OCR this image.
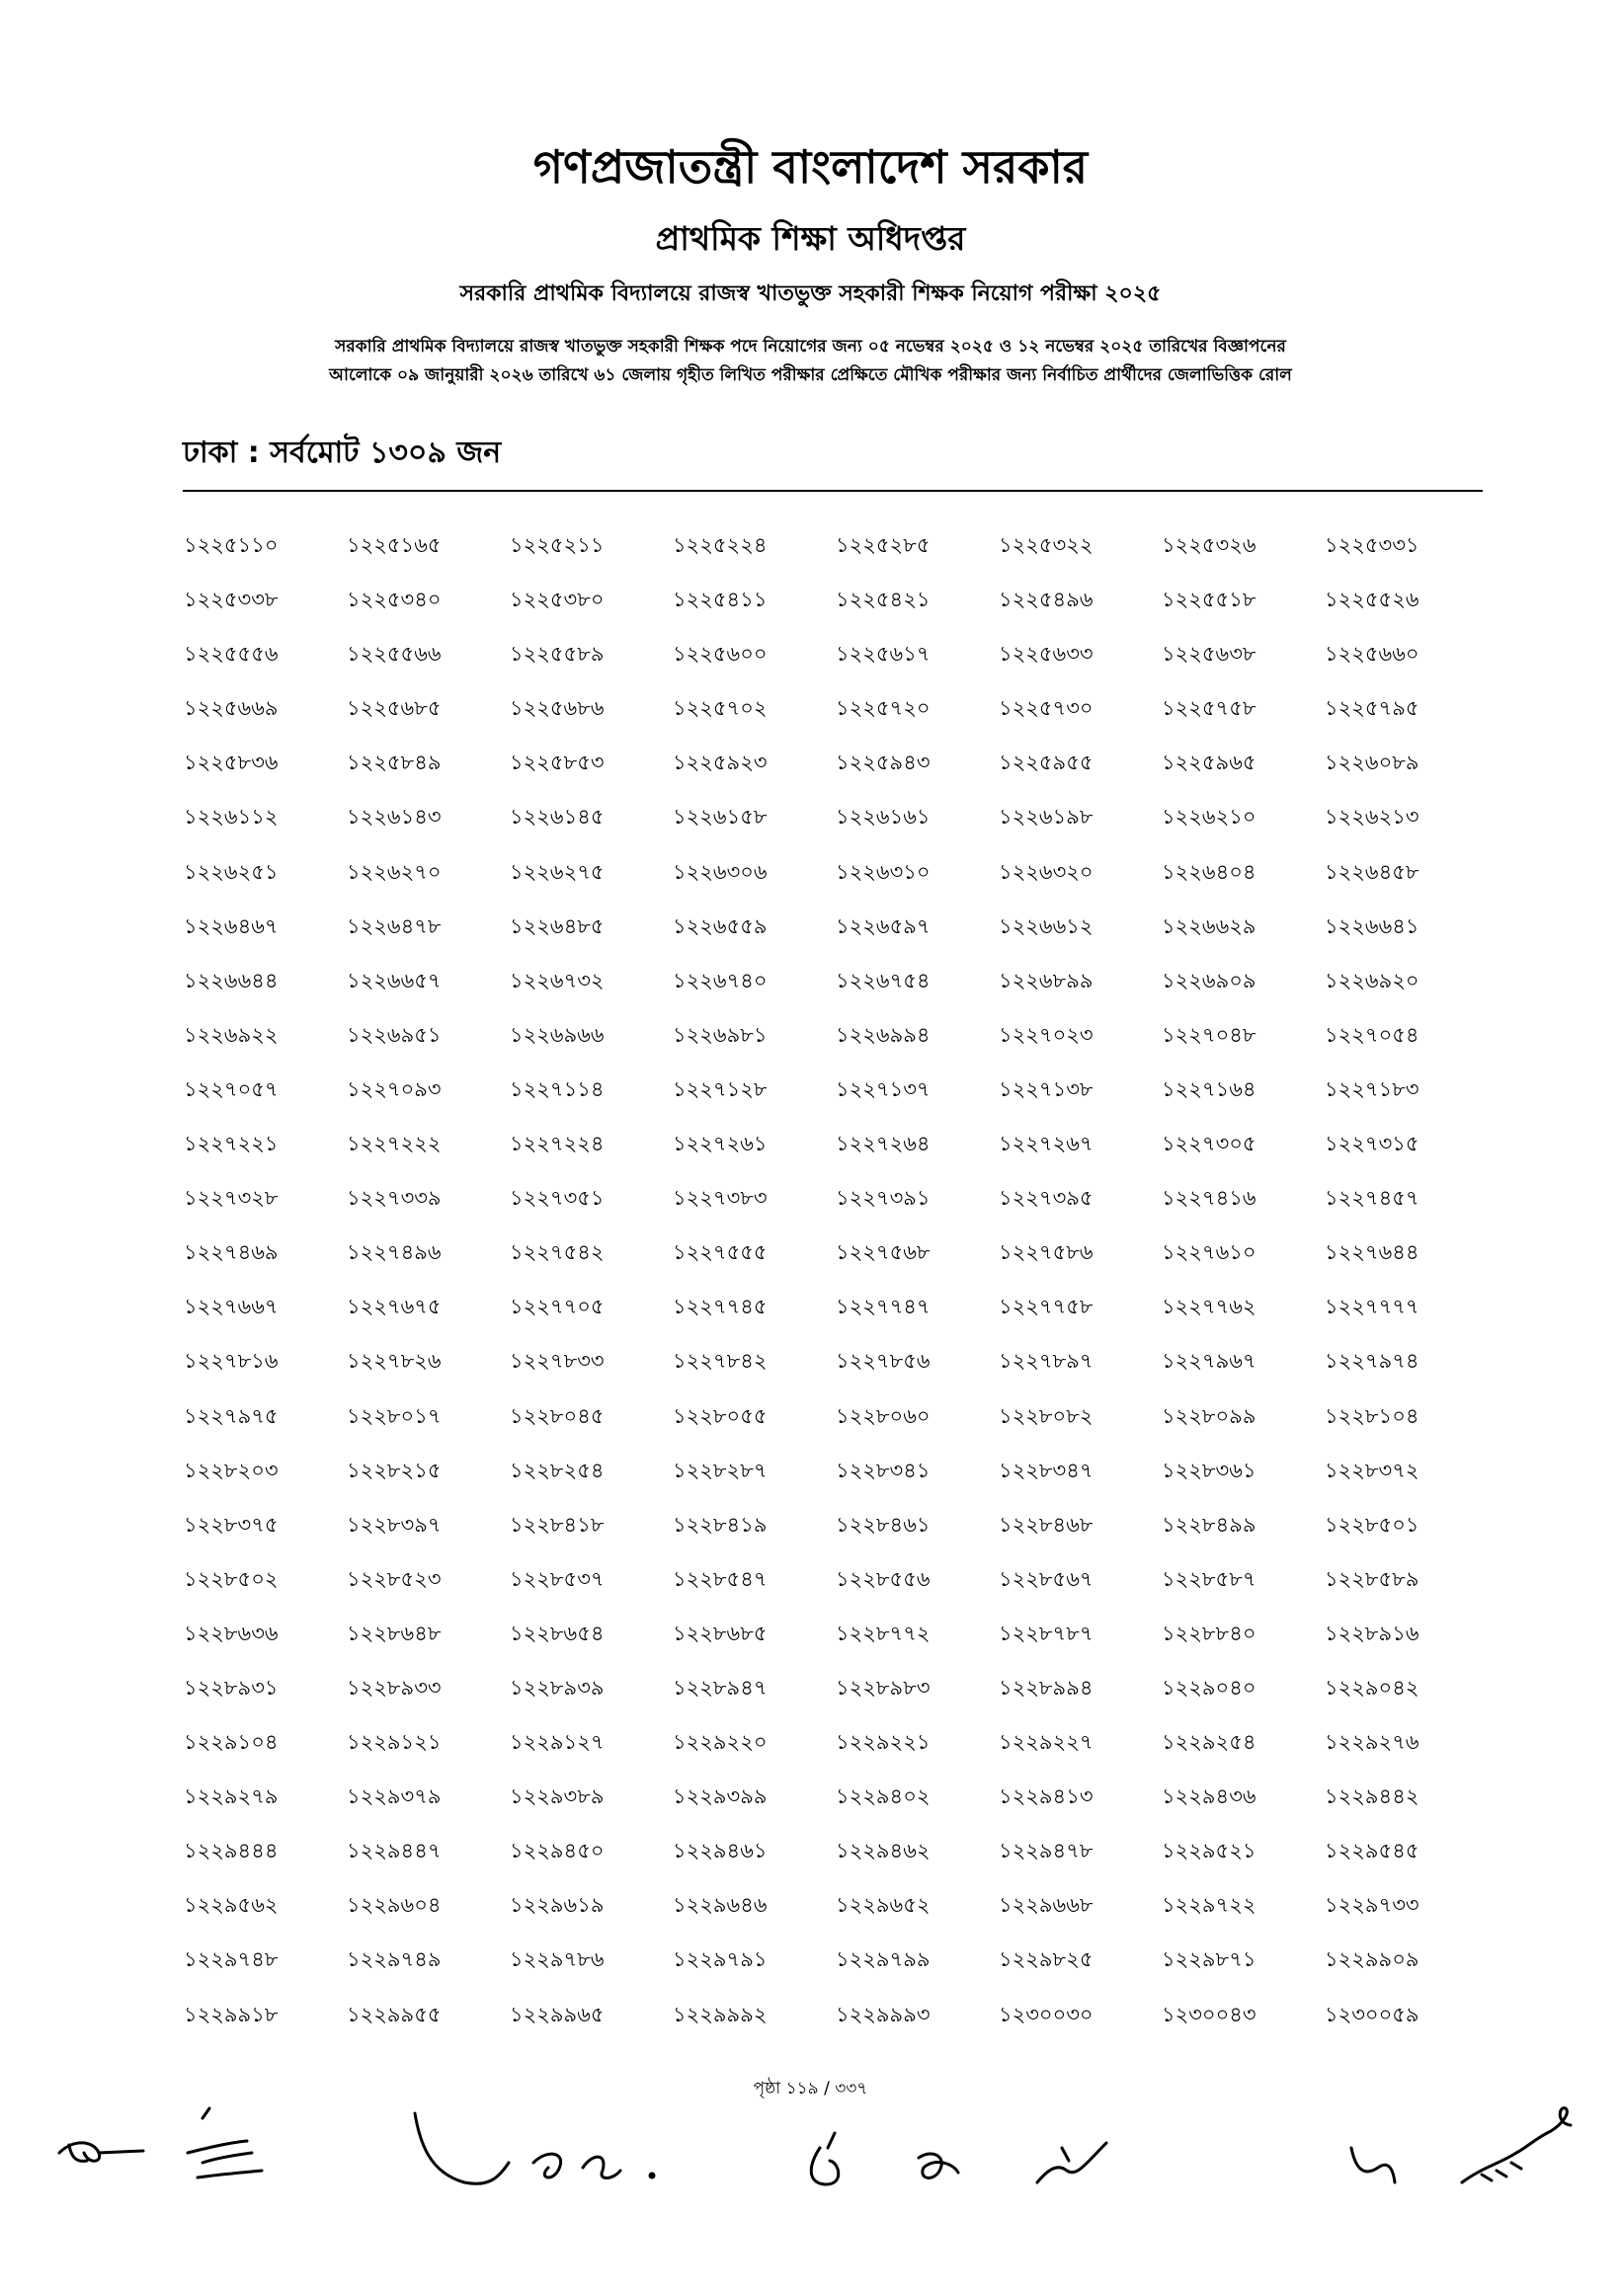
গণপ্রজাতন্ত্রী বাংলাদেশ সরকার
প্রাথমিক শিক্ষা অধিদপ্তর
সরকারি প্রাথমিক বিদ্যালয়ে রাজস্ব খাতভুক্ত সহকারী শিক্ষক নিয়োগ পরীক্ষা ২০২৫
সরকারি প্রাথমিক বিদ্যালয়ে রাজস্ব খাতভুক্ত সহকারী শিক্ষক পদে নিয়োগের জন্য ০৫ নভেম্বর ২০২৫ ও ১২ নভেম্বর ২০২৫ তারিখের বিজ্ঞাপনের
আলোকে ০৯ জানুয়ারী ২০২৬ তারিখে ৬১ জেলায় গৃহীত লিখিত পরীক্ষার প্রেক্ষিতে মৌখিক পরীক্ষার জন্য নির্বাচিত প্রার্থীদের জেলাভিত্তিক রোল
ঢাকা : সর্বমোট ১৩০৯ জন
১২২৫১১০	১২২৫১৬৫	১২২৫২১১	১২২৫২২৪	১২২৫২৮৫	১২২৫৩২২	১২২৫৩২৬	১২২৫৩৩১
১২২৫৩৩৮	১২২৫৩৪০	১২২৫৩৮০	১২২৫৪১১	১২২৫৪২১	১২২৫৪৯৬	১২২৫৫১৮	১২২৫৫২৬
১২২৫৫৫৬	১২২৫৫৬৬	১২২৫৫৮৯	১২২৫৬০০	১২২৫৬১৭	১২২৫৬৩৩	১২২৫৬৩৮	১২২৫৬৬০
১২২৫৬৬৯	১২২৫৬৮৫	১২২৫৬৮৬	১২২৫৭০২	১২২৫৭২০	১২২৫৭৩০	১২২৫৭৫৮	১২২৫৭৯৫
১২২৫৮৩৬	১২২৫৮৪৯	১২২৫৮৫৩	১২২৫৯২৩	১২২৫৯৪৩	১২২৫৯৫৫	১২২৫৯৬৫	১২২৬০৮৯
১২২৬১১২	১২২৬১৪৩	১২২৬১৪৫	১২২৬১৫৮	১২২৬১৬১	১২২৬১৯৮	১২২৬২১০	১২২৬২১৩
১২২৬২৫১	১২২৬২৭০	১২২৬২৭৫	১২২৬৩০৬	১২২৬৩১০	১২২৬৩২০	১২২৬৪০৪	১২২৬৪৫৮
১২২৬৪৬৭	১২২৬৪৭৮	১২২৬৪৮৫	১২২৬৫৫৯	১২২৬৫৯৭	১২২৬৬১২	১২২৬৬২৯	১২২৬৬৪১
১২২৬৬৪৪	১২২৬৬৫৭	১২২৬৭৩২	১২২৬৭৪০	১২২৬৭৫৪	১২২৬৮৯৯	১২২৬৯০৯	১২২৬৯২০
১২২৬৯২২	১২২৬৯৫১	১২২৬৯৬৬	১২২৬৯৮১	১২২৬৯৯৪	১২২৭০২৩	১২২৭০৪৮	১২২৭০৫৪
১২২৭০৫৭	১২২৭০৯৩	১২২৭১১৪	১২২৭১২৮	১২২৭১৩৭	১২২৭১৩৮	১২২৭১৬৪	১২২৭১৮৩
১২২৭২২১	১২২৭২২২	১২২৭২২৪	১২২৭২৬১	১২২৭২৬৪	১২২৭২৬৭	১২২৭৩০৫	১২২৭৩১৫
১২২৭৩২৮	১২২৭৩৩৯	১২২৭৩৫১	১২২৭৩৮৩	১২২৭৩৯১	১২২৭৩৯৫	১২২৭৪১৬	১২২৭৪৫৭
১২২৭৪৬৯	১২২৭৪৯৬	১২২৭৫৪২	১২২৭৫৫৫	১২২৭৫৬৮	১২২৭৫৮৬	১২২৭৬১০	১২২৭৬৪৪
১২২৭৬৬৭	১২২৭৬৭৫	১২২৭৭০৫	১২২৭৭৪৫	১২২৭৭৪৭	১২২৭৭৫৮	১২২৭৭৬২	১২২৭৭৭৭
১২২৭৮১৬	১২২৭৮২৬	১২২৭৮৩৩	১২২৭৮৪২	১২২৭৮৫৬	১২২৭৮৯৭	১২২৭৯৬৭	১২২৭৯৭৪
১২২৭৯৭৫	১২২৮০১৭	১২২৮০৪৫	১২২৮০৫৫	১২২৮০৬০	১২২৮০৮২	১২২৮০৯৯	১২২৮১০৪
১২২৮২০৩	১২২৮২১৫	১২২৮২৫৪	১২২৮২৮৭	১২২৮৩৪১	১২২৮৩৪৭	১২২৮৩৬১	১২২৮৩৭২
১২২৮৩৭৫	১২২৮৩৯৭	১২২৮৪১৮	১২২৮৪১৯	১২২৮৪৬১	১২২৮৪৬৮	১২২৮৪৯৯	১২২৮৫০১
১২২৮৫০২	১২২৮৫২৩	১২২৮৫৩৭	১২২৮৫৪৭	১২২৮৫৫৬	১২২৮৫৬৭	১২২৮৫৮৭	১২২৮৫৮৯
১২২৮৬৩৬	১২২৮৬৪৮	১২২৮৬৫৪	১২২৮৬৮৫	১২২৮৭৭২	১২২৮৭৮৭	১২২৮৮৪০	১২২৮৯১৬
১২২৮৯৩১	১২২৮৯৩৩	১২২৮৯৩৯	১২২৮৯৪৭	১২২৮৯৮৩	১২২৮৯৯৪	১২২৯০৪০	১২২৯০৪২
১২২৯১০৪	১২২৯১২১	১২২৯১২৭	১২২৯২২০	১২২৯২২১	১২২৯২২৭	১২২৯২৫৪	১২২৯২৭৬
১২২৯২৭৯	১২২৯৩৭৯	১২২৯৩৮৯	১২২৯৩৯৯	১২২৯৪০২	১২২৯৪১৩	১২২৯৪৩৬	১২২৯৪৪২
১২২৯৪৪৪	১২২৯৪৪৭	১২২৯৪৫০	১২২৯৪৬১	১২২৯৪৬২	১২২৯৪৭৮	১২২৯৫২১	১২২৯৫৪৫
১২২৯৫৬২	১২২৯৬০৪	১২২৯৬১৯	১২২৯৬৪৬	১২২৯৬৫২	১২২৯৬৬৮	১২২৯৭২২	১২২৯৭৩৩
১২২৯৭৪৮	১২২৯৭৪৯	১২২৯৭৮৬	১২২৯৭৯১	১২২৯৭৯৯	১২২৯৮২৫	১২২৯৮৭১	১২২৯৯০৯
১২২৯৯১৮	১২২৯৯৫৫	১২২৯৯৬৫	১২২৯৯৯২	১২২৯৯৯৩	১২৩০০৩০	১২৩০০৪৩	১২৩০০৫৯
পৃষ্ঠা ১১৯ / ৩৩৭
